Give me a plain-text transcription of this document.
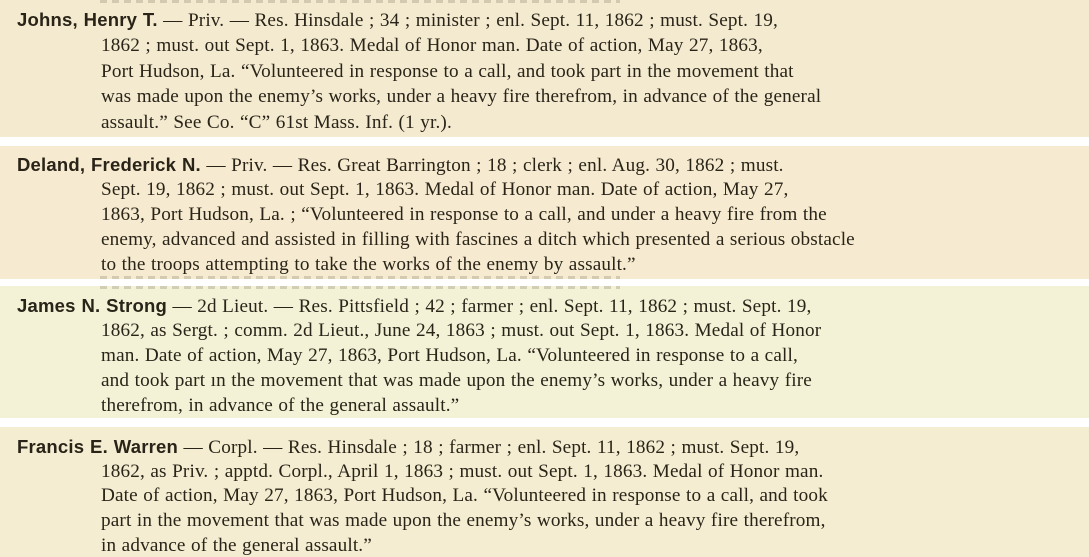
Johns, Henry T. — Priv. — Res. Hinsdale ; 34 ; minister ; enl. Sept. 11, 1862 ; must. Sept. 19,
1862 ; must. out Sept. 1, 1863. Medal of Honor man. Date of action, May 27, 1863,
Port Hudson, La. “Volunteered in response to a call, and took part in the movement that
was made upon the enemy’s works, under a heavy fire therefrom, in advance of the general
assault.” See Co. “C” 61st Mass. Inf. (1 yr.).
Deland, Frederick N. — Priv. — Res. Great Barrington ; 18 ; clerk ; enl. Aug. 30, 1862 ; must.
Sept. 19, 1862 ; must. out Sept. 1, 1863. Medal of Honor man. Date of action, May 27,
1863, Port Hudson, La. ; “Volunteered in response to a call, and under a heavy fire from the
enemy, advanced and assisted in filling with fascines a ditch which presented a serious obstacle
to the troops attempting to take the works of the enemy by assault.”
James N. Strong — 2d Lieut. — Res. Pittsfield ; 42 ; farmer ; enl. Sept. 11, 1862 ; must. Sept. 19,
1862, as Sergt. ; comm. 2d Lieut., June 24, 1863 ; must. out Sept. 1, 1863. Medal of Honor
man. Date of action, May 27, 1863, Port Hudson, La. “Volunteered in response to a call,
and took part ın the movement that was made upon the enemy’s works, under a heavy fire
therefrom, in advance of the general assault.”
Francis E. Warren — Corpl. — Res. Hinsdale ; 18 ; farmer ; enl. Sept. 11, 1862 ; must. Sept. 19,
1862, as Priv. ; apptd. Corpl., April 1, 1863 ; must. out Sept. 1, 1863. Medal of Honor man.
Date of action, May 27, 1863, Port Hudson, La. “Volunteered in response to a call, and took
part in the movement that was made upon the enemy’s works, under a heavy fire therefrom,
in advance of the general assault.”
